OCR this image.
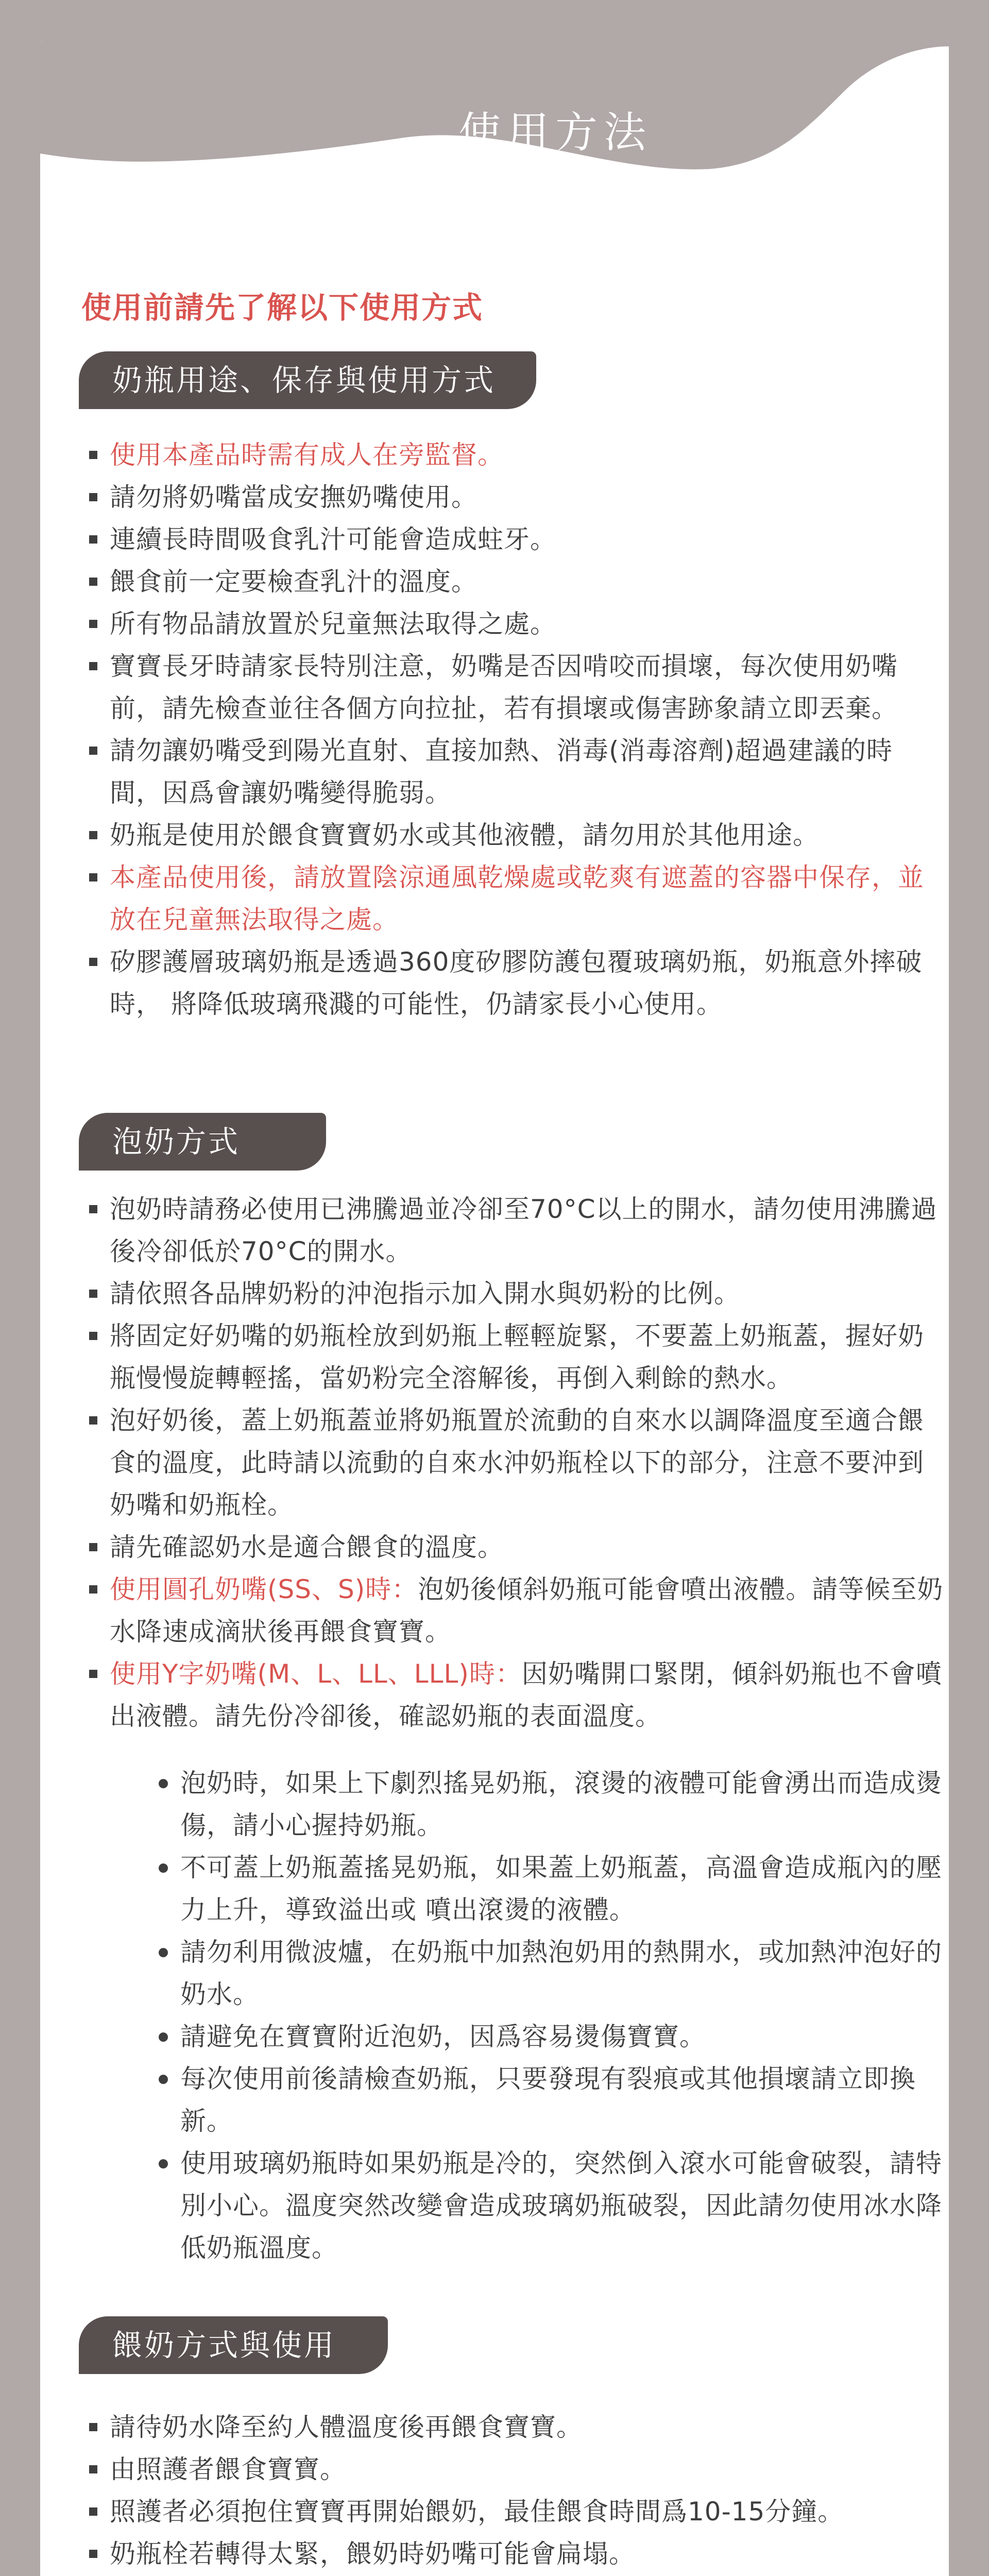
使用方法
使用前請先了解以下使用方式
奶瓶用途、保存與使用方式
使用本產品時需有成人在旁監督。
請勿將奶嘴當成安撫奶嘴使用。
連續長時間吸食乳汁可能會造成蛀牙。
餵食前一定要檢查乳汁的溫度。
所有物品請放置於兒童無法取得之處。
寶寶長牙時請家長特別注意，奶嘴是否因啃咬而損壞，每次使用奶嘴前，請先檢查並往各個方向拉扯，若有損壞或傷害跡象請立即丟棄。
請勿讓奶嘴受到陽光直射、直接加熱、消毒(消毒溶劑)超過建議的時間，因爲會讓奶嘴變得脆弱。
奶瓶是使用於餵食寶寶奶水或其他液體，請勿用於其他用途。
本產品使用後，請放置陰涼通風乾燥處或乾爽有遮蓋的容器中保存，並放在兒童無法取得之處。
矽膠護層玻璃奶瓶是透過360度矽膠防護包覆玻璃奶瓶，奶瓶意外摔破時， 將降低玻璃飛濺的可能性，仍請家長小心使用。
泡奶方式
泡奶時請務必使用已沸騰過並冷卻至70°C以上的開水，請勿使用沸騰過後冷卻低於70°C的開水。
請依照各品牌奶粉的沖泡指示加入開水與奶粉的比例。
將固定好奶嘴的奶瓶栓放到奶瓶上輕輕旋緊，不要蓋上奶瓶蓋，握好奶瓶慢慢旋轉輕搖，當奶粉完全溶解後，再倒入剩餘的熱水。
泡好奶後，蓋上奶瓶蓋並將奶瓶置於流動的自來水以調降溫度至適合餵食的溫度，此時請以流動的自來水沖奶瓶栓以下的部分，注意不要沖到奶嘴和奶瓶栓。
請先確認奶水是適合餵食的溫度。
使用圓孔奶嘴(SS、S)時：泡奶後傾斜奶瓶可能會噴出液體。請等候至奶水降速成滴狀後再餵食寶寶。
使用Y字奶嘴(M、L、LL、LLL)時：因奶嘴開口緊閉，傾斜奶瓶也不會噴出液體。請先份冷卻後，確認奶瓶的表面溫度。
泡奶時，如果上下劇烈搖晃奶瓶，滾燙的液體可能會湧出而造成燙傷，請小心握持奶瓶。
不可蓋上奶瓶蓋搖晃奶瓶，如果蓋上奶瓶蓋，高溫會造成瓶內的壓力上升，導致溢出或 噴出滾燙的液體。
請勿利用微波爐，在奶瓶中加熱泡奶用的熱開水，或加熱沖泡好的奶水。
請避免在寶寶附近泡奶，因爲容易燙傷寶寶。
每次使用前後請檢查奶瓶，只要發現有裂痕或其他損壞請立即換新。
使用玻璃奶瓶時如果奶瓶是冷的，突然倒入滾水可能會破裂，請特別小心。溫度突然改變會造成玻璃奶瓶破裂，因此請勿使用冰水降低奶瓶溫度。
餵奶方式與使用
請待奶水降至約人體溫度後再餵食寶寶。
由照護者餵食寶寶。
照護者必須抱住寶寶再開始餵奶，最佳餵食時間爲10-15分鐘。
奶瓶栓若轉得太緊，餵奶時奶嘴可能會扁塌。
